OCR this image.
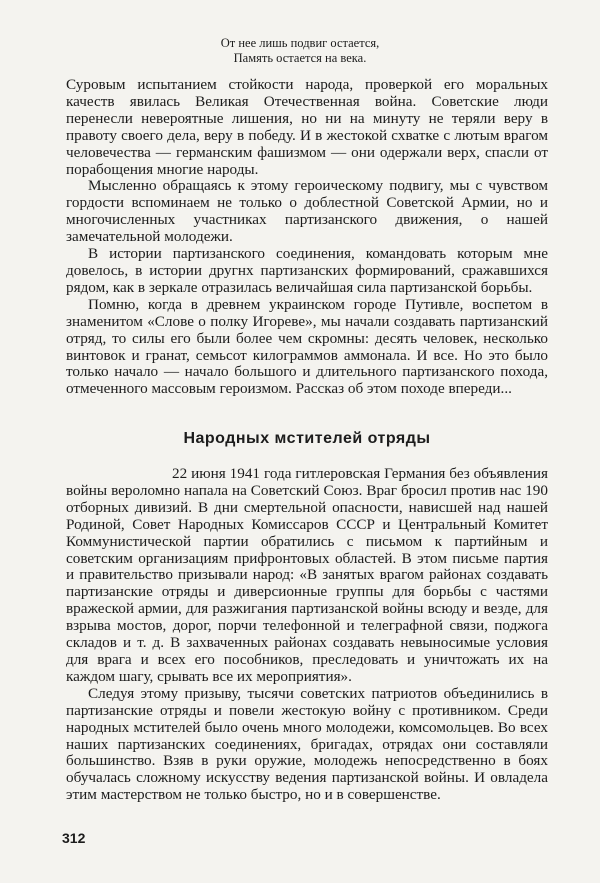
От нее лишь подвиг остается,
Память остается на века.

Суровым испытанием стойкости народа, проверкой его моральных качеств явилась Великая Отечественная война. Советские люди перенесли невероятные лишения, но ни на минуту не теряли веру в правоту своего дела, веру в победу. И в жестокой схватке с лютым врагом человечества — германским фашизмом — они одержали верх, спасли от порабощения многие народы.

Мысленно обращаясь к этому героическому подвигу, мы с чувством гордости вспоминаем не только о доблестной Советской Армии, но и многочисленных участниках партизанского движения, о нашей замечательной молодежи.

В истории партизанского соединения, командовать которым мне довелось, в истории другнх партизанских формирований, сражавшихся рядом, как в зеркале отразилась величайшая сила партизанской борьбы.

Помню, когда в древнем украинском городе Путивле, воспетом в знаменитом «Слове о полку Игореве», мы начали создавать партизанский отряд, то силы его были более чем скромны: десять человек, несколько винтовок и гранат, семьсот килограммов аммонала. И все. Но это было только начало — начало большого и длительного партизанского похода, отмеченного массовым героизмом. Рассказ об этом походе впереди...

Народных мстителей отряды

22 июня 1941 года гитлеровская Германия без объявления войны вероломно напала на Советский Союз. Враг бросил против нас 190 отборных дивизий. В дни смертельной опасности, нависшей над нашей Родиной, Совет Народных Комиссаров СССР и Центральный Комитет Коммунистической партии обратились с письмом к партийным и советским организациям прифронтовых областей. В этом письме партия и правительство призывали народ: «В занятых врагом районах создавать партизанские отряды и диверсионные группы для борьбы с частями вражеской армии, для разжигания партизанской войны всюду и везде, для взрыва мостов, дорог, порчи телефонной и телеграфной связи, поджога складов и т. д. В захваченных районах создавать невыносимые условия для врага и всех его пособников, преследовать и уничтожать их на каждом шагу, срывать все их мероприятия».

Следуя этому призыву, тысячи советских патриотов объединились в партизанские отряды и повели жестокую войну с противником. Среди народных мстителей было очень много молодежи, комсомольцев. Во всех наших партизанских соединениях, бригадах, отрядах они составляли большинство. Взяв в руки оружие, молодежь непосредственно в боях обучалась сложному искусству ведения партизанской войны. И овладела этим мастерством не только быстро, но и в совершенстве.

312
